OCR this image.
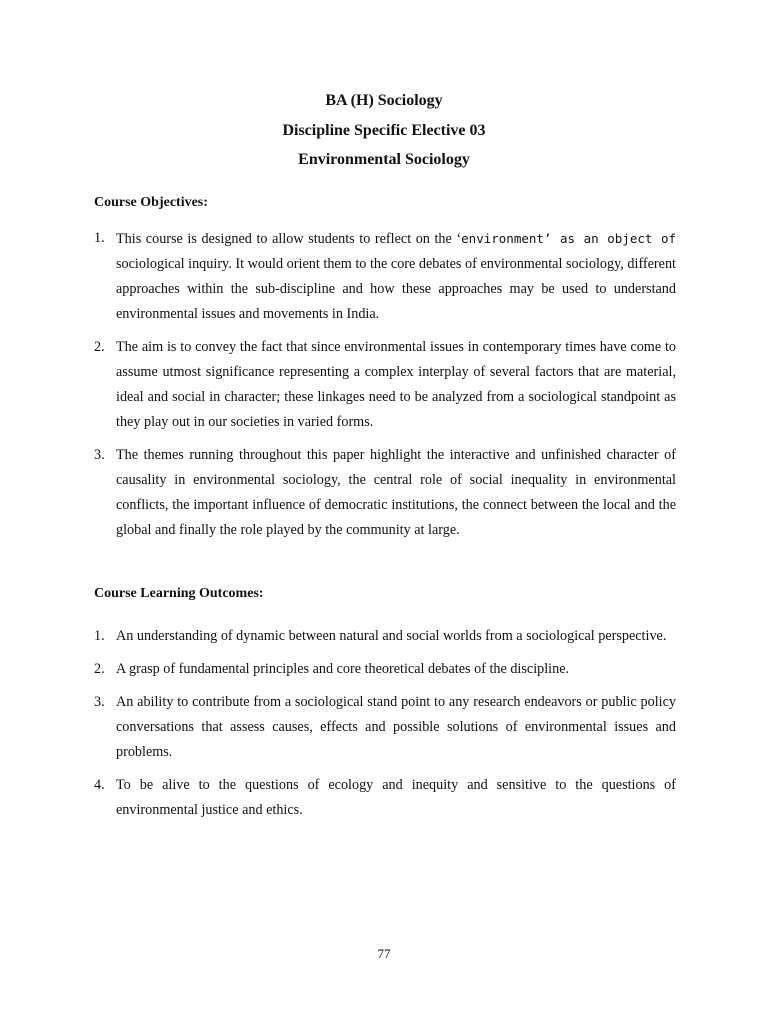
BA (H) Sociology
Discipline Specific Elective 03
Environmental Sociology
Course Objectives:
1. This course is designed to allow students to reflect on the ‘environment’ as an object of sociological inquiry. It would orient them to the core debates of environmental sociology, different approaches within the sub-discipline and how these approaches may be used to understand environmental issues and movements in India.
2. The aim is to convey the fact that since environmental issues in contemporary times have come to assume utmost significance representing a complex interplay of several factors that are material, ideal and social in character; these linkages need to be analyzed from a sociological standpoint as they play out in our societies in varied forms.
3. The themes running throughout this paper highlight the interactive and unfinished character of causality in environmental sociology, the central role of social inequality in environmental conflicts, the important influence of democratic institutions, the connect between the local and the global and finally the role played by the community at large.
Course Learning Outcomes:
1. An understanding of dynamic between natural and social worlds from a sociological perspective.
2. A grasp of fundamental principles and core theoretical debates of the discipline.
3. An ability to contribute from a sociological stand point to any research endeavors or public policy conversations that assess causes, effects and possible solutions of environmental issues and problems.
4. To be alive to the questions of ecology and inequity and sensitive to the questions of environmental justice and ethics.
77
